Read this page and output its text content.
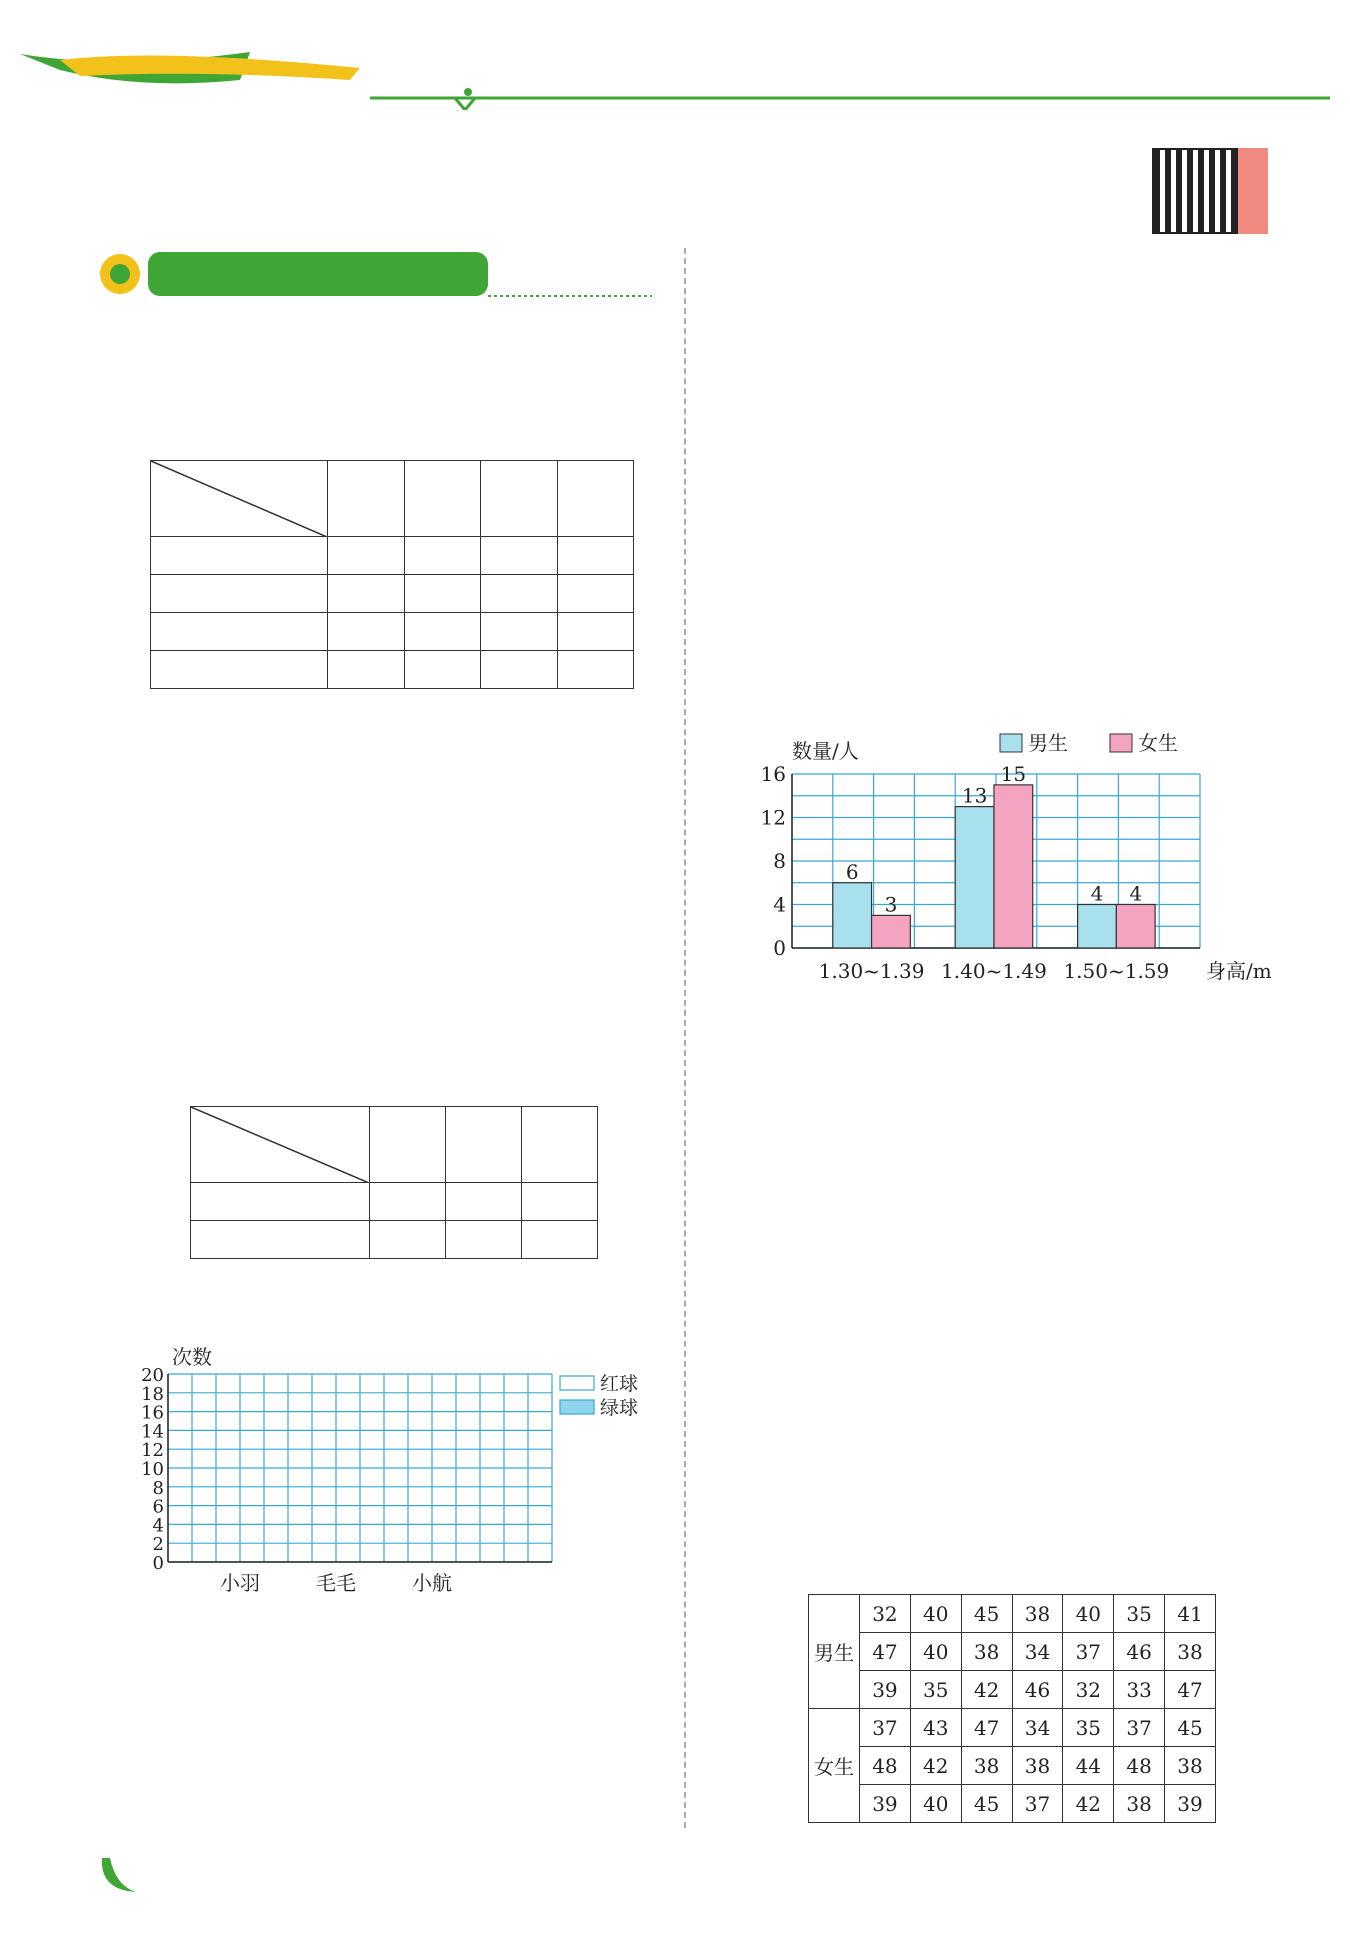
次数
20
18
16
14
12
10
8
6
4
2
0
小羽	毛毛	小航
红球
绿球
数量/人
0
4
8
12
16
6
3
1.30~1.39
13
15
1.40~1.49
4 4
1.50~1.59 身高/m
男生	女生
男生	32	40	45	38	40	35	41
	47	40	38	34	37	46	38
	39	35	42	46	32	33	47
女生	37	43	47	34	35	37	45
	48	42	38	38	44	48	38
	39	40	45	37	42	38	39
